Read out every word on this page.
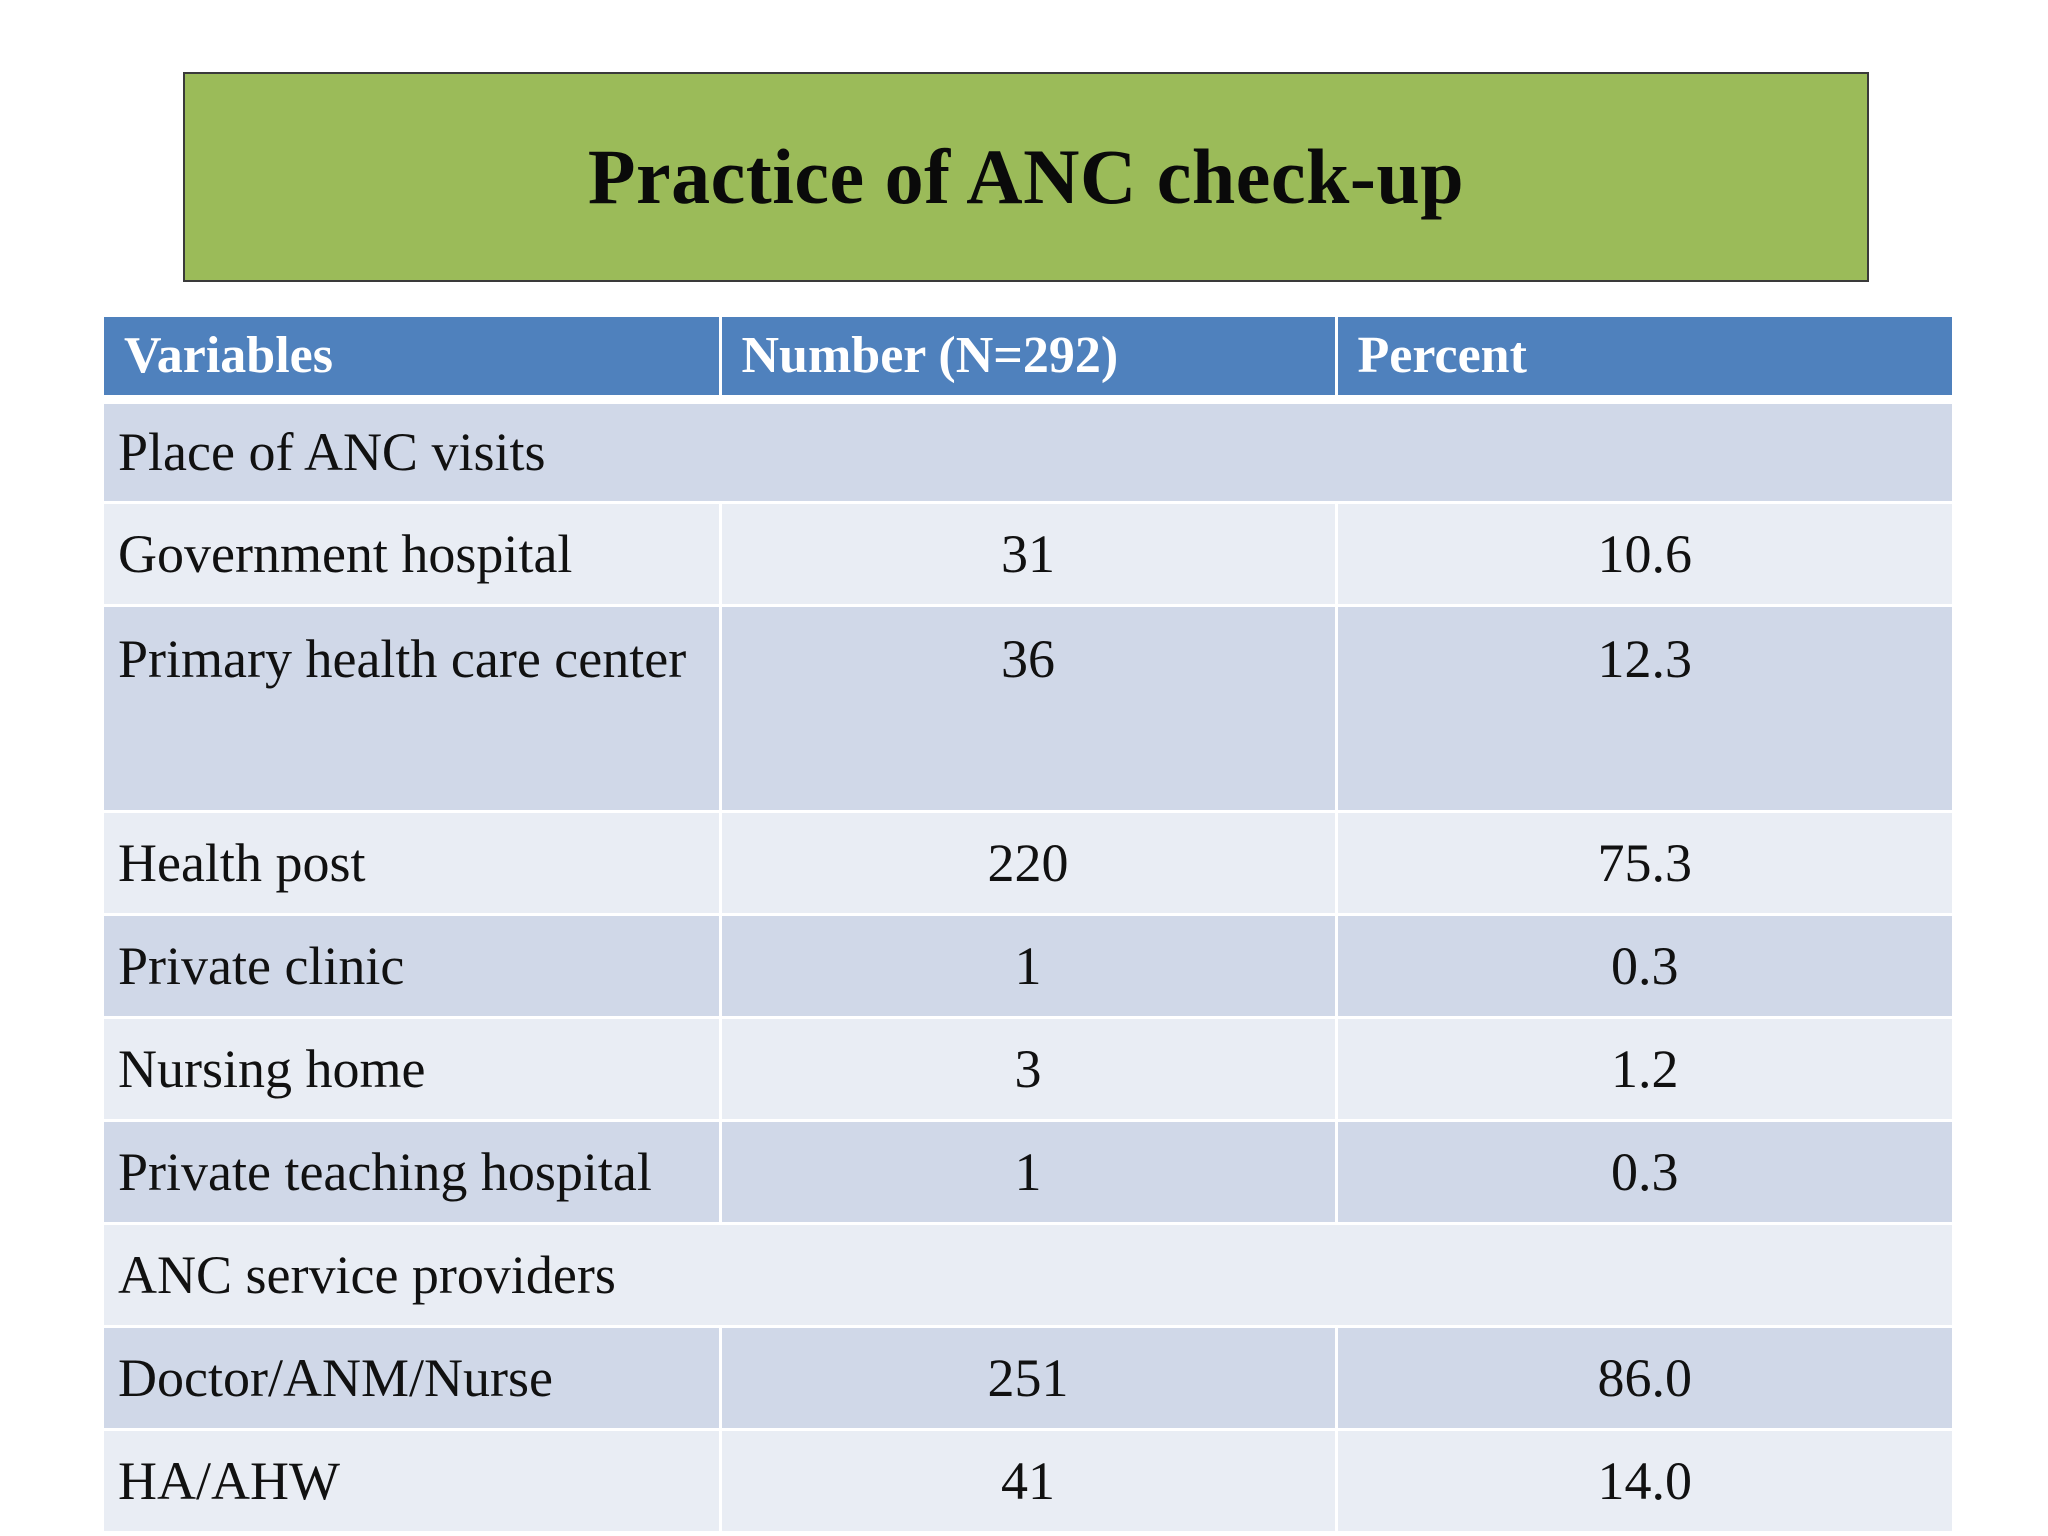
Practice of ANC check-up
Variables	Number (N=292)	Percent
Place of ANC visits		
Government hospital	31	10.6
Primary health care center	36	12.3
Health post	220	75.3
Private clinic	1	0.3
Nursing home	3	1.2
Private teaching hospital	1	0.3
ANC service providers		
Doctor/ANM/Nurse	251	86.0
HA/AHW	41	14.0
